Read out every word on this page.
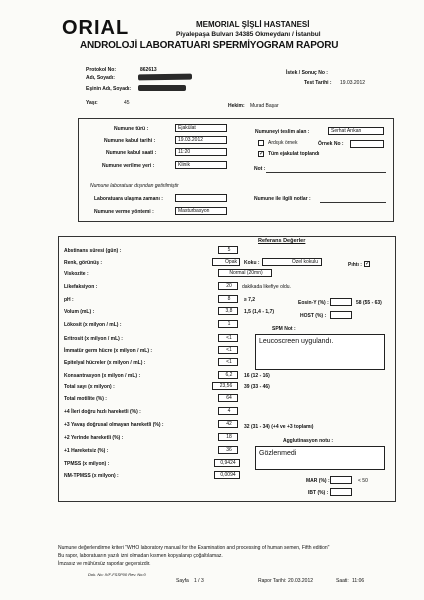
ORIAL	MEMORIAL ŞİŞLİ HASTANESİ
Piyalepaşa Bulvarı 34385 Okmeydanı / İstanbul
ANDROLOJİ LABORATUARI SPERMİYOGRAM RAPORU
Protokol No:	862613
Adı, Soyadı:
Eşinin Adı, Soyadı:
Yaşı:	45
İstek / Sonuç No :
Test Tarihi : 19.03.2012
Hekim: Murad Başar
Numune türü :	Ejakülat
Numune kabul tarihi :	19.03.2012
Numune kabul saati :	11:20
Numune verilme yeri :	Klinik
Numune laboratuar dışından getirilmiştir
Laboratuara ulaşma zamanı :
Numune verme yöntemi :	Masturbasyon
Numuneyi teslim alan :	Serhat Arıkan
Ardışık örnek	Örnek No :
✓ Tüm ejakulat toplandı
Not :
Numune ile ilgili notlar :
Referans Değerler
Abstinans süresi (gün) :	5
Renk, görünüş :	Opak	Koku :	Özel kokulu	Pıhtı : ✓
Viskozite :	Normal (20mn)
Likefaksiyon :	20	dakikada likefiye oldu.
pH :	8	≥ 7,2
Volum (mL) :	3,8	1,5 (1,4 - 1,7)
Lökosit (x milyon / mL) :	1
Eritrosit (x milyon / mL) :	<1
İmmatür germ hücre (x milyon / mL) :	<1
Epitelyal hücreler (x milyon / mL) :	<1
Konsantrasyon (x milyon / mL) :	6,2	16 (12 - 16)
Total sayı (x milyon) :	23,56	39 (33 - 46)
Total motilite (%) :	64
+4 İleri doğru hızlı hareketli (%) :	4
+3 Yavaş doğrusal olmayan hareketli (%) :	42	32 (31 - 34) (+4 ve +3 toplamı)
+2 Yerinde hareketli (%) :	18
+1 Hareketsiz (%) :	36
TPMSS (x milyon) :	0,9424
NM-TPMSS (x milyon) :	0,0094
Eosin-Y (%) :	58 (55 - 63)
HOST (%) :
SPM Not :
Leucoscreen uygulandı.
Agglutinasyon notu :
Gözlenmedi
MAR (%) :	< 50
IBT (%) :
Numune değerlendirme kriteri "WHO laboratory manual for the Examination and processing of human semen, Fifth edition"
Bu rapor, laboratuarın yazılı izni olmadan kısmen kopyalanıp çoğaltılamaz.
İmzasız ve mühürsüz raporlar geçersizdir.
Dok. No: IVF-FSSP00 Rev. No:0
Sayfa 1 / 3	Rapor Tarihi: 20.03.2012	Saati: 11:06
